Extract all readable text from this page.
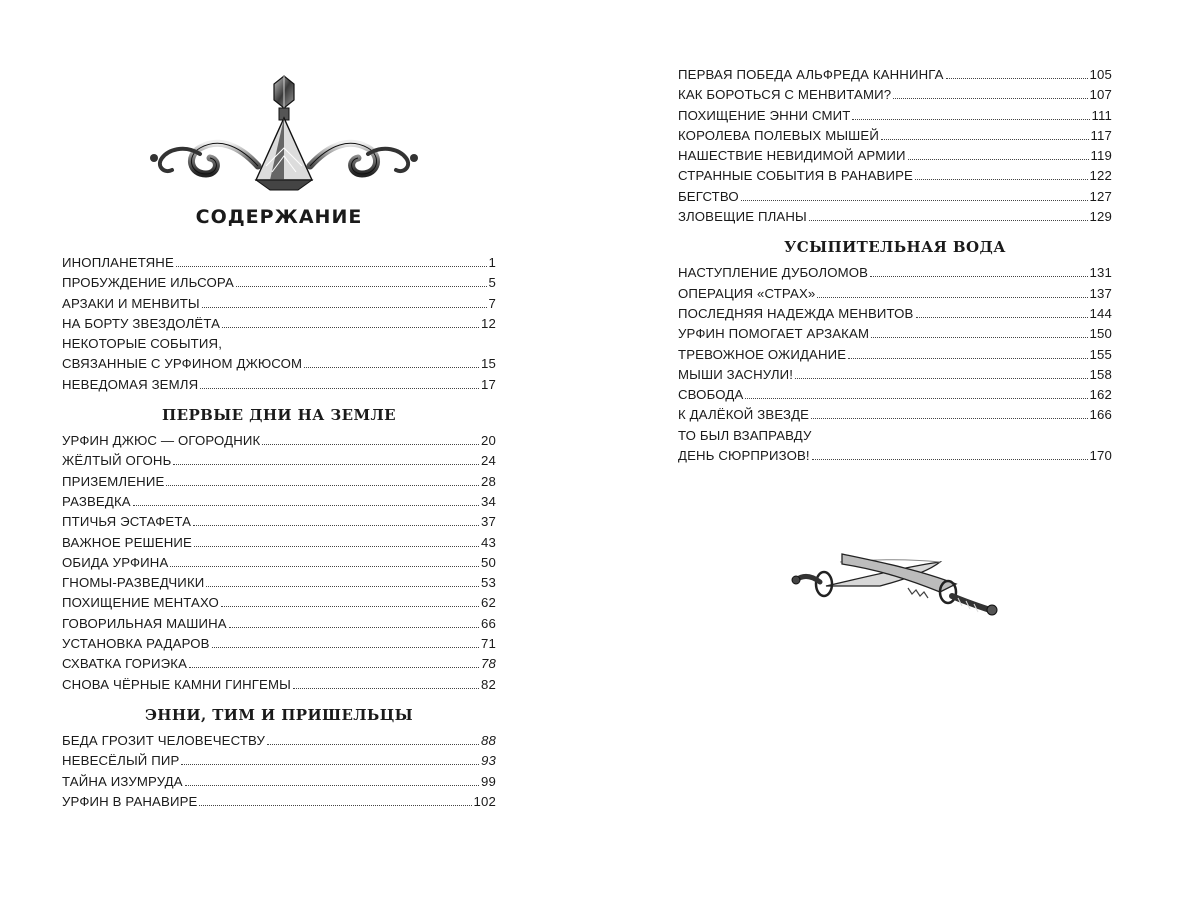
СОДЕРЖАНИЕ
ИНОПЛАНЕТЯНЕ	1
ПРОБУЖДЕНИЕ ИЛЬСОРА	5
АРЗАКИ И МЕНВИТЫ	7
НА БОРТУ ЗВЕЗДОЛЁТА	12
НЕКОТОРЫЕ СОБЫТИЯ,
СВЯЗАННЫЕ С УРФИНОМ ДЖЮСОМ	15
НЕВЕДОМАЯ ЗЕМЛЯ	17
ПЕРВЫЕ ДНИ НА ЗЕМЛЕ
УРФИН ДЖЮС — ОГОРОДНИК	20
ЖЁЛТЫЙ ОГОНЬ	24
ПРИЗЕМЛЕНИЕ	28
РАЗВЕДКА	34
ПТИЧЬЯ ЭСТАФЕТА	37
ВАЖНОЕ РЕШЕНИЕ	43
ОБИДА УРФИНА	50
ГНОМЫ-РАЗВЕДЧИКИ	53
ПОХИЩЕНИЕ МЕНТАХО	62
ГОВОРИЛЬНАЯ МАШИНА	66
УСТАНОВКА РАДАРОВ	71
СХВАТКА ГОРИЭКА	78
СНОВА ЧЁРНЫЕ КАМНИ ГИНГЕМЫ	82
ЭННИ, ТИМ И ПРИШЕЛЬЦЫ
БЕДА ГРОЗИТ ЧЕЛОВЕЧЕСТВУ	88
НЕВЕСЁЛЫЙ ПИР	93
ТАЙНА ИЗУМРУДА	99
УРФИН В РАНАВИРЕ	102
ПЕРВАЯ ПОБЕДА АЛЬФРЕДА КАННИНГА	105
КАК БОРОТЬСЯ С МЕНВИТАМИ?	107
ПОХИЩЕНИЕ ЭННИ СМИТ	111
КОРОЛЕВА ПОЛЕВЫХ МЫШЕЙ	117
НАШЕСТВИЕ НЕВИДИМОЙ АРМИИ	119
СТРАННЫЕ СОБЫТИЯ В РАНАВИРЕ	122
БЕГСТВО	127
ЗЛОВЕЩИЕ ПЛАНЫ	129
УСЫПИТЕЛЬНАЯ ВОДА
НАСТУПЛЕНИЕ ДУБОЛОМОВ	131
ОПЕРАЦИЯ «СТРАХ»	137
ПОСЛЕДНЯЯ НАДЕЖДА МЕНВИТОВ	144
УРФИН ПОМОГАЕТ АРЗАКАМ	150
ТРЕВОЖНОЕ ОЖИДАНИЕ	155
МЫШИ ЗАСНУЛИ!	158
СВОБОДА	162
К ДАЛЁКОЙ ЗВЕЗДЕ	166
ТО БЫЛ ВЗАПРАВДУ
ДЕНЬ СЮРПРИЗОВ!	170
